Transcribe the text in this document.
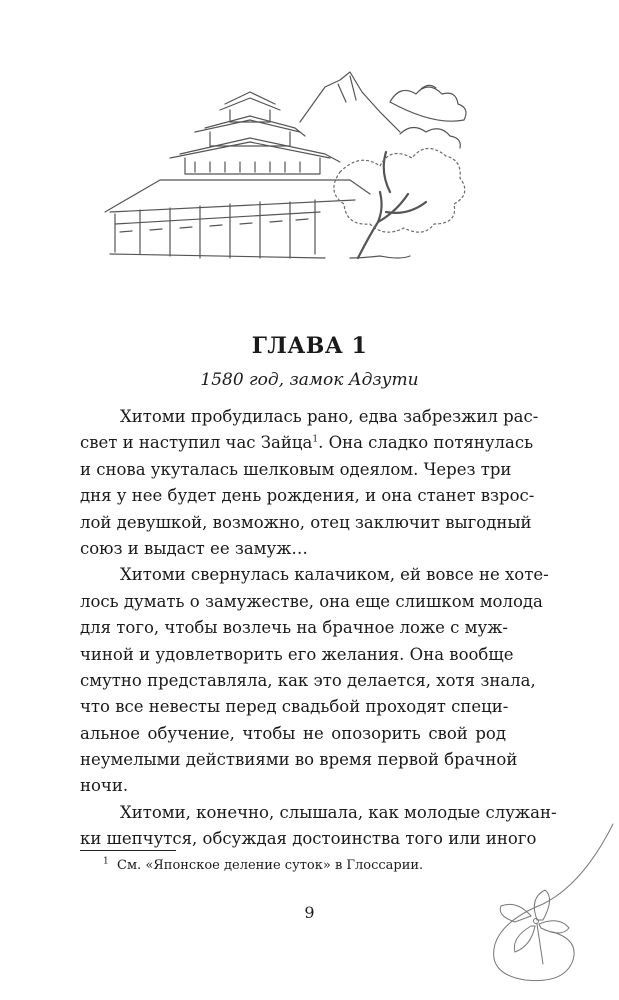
ГЛАВА 1
1580 год, замок Адзути
Хитоми пробудилась рано, едва забрезжил рас-
свет и наступил час Зайца$^1$. Она сладко потянулась
и снова укуталась шелковым одеялом. Через три
дня у нее будет день рождения, и она станет взрос-
лой девушкой, возможно, отец заключит выгодный
союз и выдаст ее замуж…
Хитоми свернулась калачиком, ей вовсе не хоте-
лось думать о замужестве, она еще слишком молода
для того, чтобы возлечь на брачное ложе с муж-
чиной и удовлетворить его желания. Она вообще
смутно представляла, как это делается, хотя знала,
что все невесты перед свадьбой проходят специ-
альное обучение, чтобы не опозорить свой род
неумелыми действиями во время первой брачной
ночи.
Хитоми, конечно, слышала, как молодые служан-
ки шепчутся, обсуждая достоинства того или иного
$^1$ См. «Японское деление суток» в Глоссарии.
9
